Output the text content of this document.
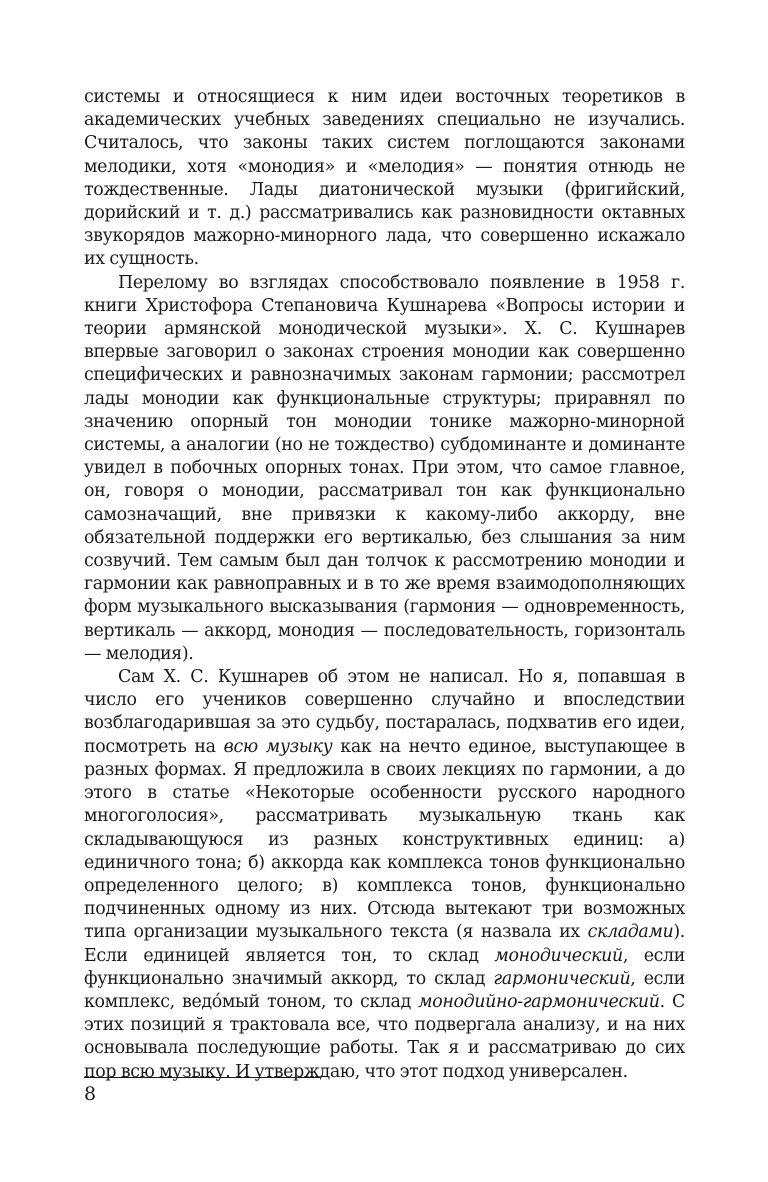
системы и относящиеся к ним идеи восточных теоретиков в академических учебных заведениях специально не изучались. Считалось, что законы таких систем поглощаются законами мелодики, хотя «монодия» и «мелодия» — понятия отнюдь не тождественные. Лады диатонической музыки (фригийский, дорийский и т. д.) рассматривались как разновидности октавных звукорядов мажорно-минорного лада, что совершенно искажало их сущность.

Перелому во взглядах способствовало появление в 1958 г. книги Христофора Степановича Кушнарева «Вопросы истории и теории армянской монодической музыки». Х. С. Кушнарев впервые заговорил о законах строения монодии как совершенно специфических и равнозначимых законам гармонии; рассмотрел лады монодии как функциональные структуры; приравнял по значению опорный тон монодии тонике мажорно-минорной системы, а аналогии (но не тождество) субдоминанте и доминанте увидел в побочных опорных тонах. При этом, что самое главное, он, говоря о монодии, рассматривал тон как функционально самозначащий, вне привязки к какому-либо аккорду, вне обязательной поддержки его вертикалью, без слышания за ним созвучий. Тем самым был дан толчок к рассмотрению монодии и гармонии как равноправных и в то же время взаимодополняющих форм музыкального высказывания (гармония — одновременность, вертикаль — аккорд, монодия — последовательность, горизонталь — мелодия).

Сам Х. С. Кушнарев об этом не написал. Но я, попавшая в число его учеников совершенно случайно и впоследствии возблагодарившая за это судьбу, постаралась, подхватив его идеи, посмотреть на всю музыку как на нечто единое, выступающее в разных формах. Я предложила в своих лекциях по гармонии, а до этого в статье «Некоторые особенности русского народного многоголосия», рассматривать музыкальную ткань как складывающуюся из разных конструктивных единиц: а) единичного тона; б) аккорда как комплекса тонов функционально определенного целого; в) комплекса тонов, функционально подчиненных одному из них. Отсюда вытекают три возможных типа организации музыкального текста (я назвала их складами). Если единицей является тон, то склад монодический, если функционально значимый аккорд, то склад гармонический, если комплекс, ведо́мый тоном, то склад монодийно-гармонический. С этих позиций я трактовала все, что подвергала анализу, и на них основывала последующие работы. Так я и рассматриваю до сих пор всю музыку. И утверждаю, что этот подход универсален.

8
